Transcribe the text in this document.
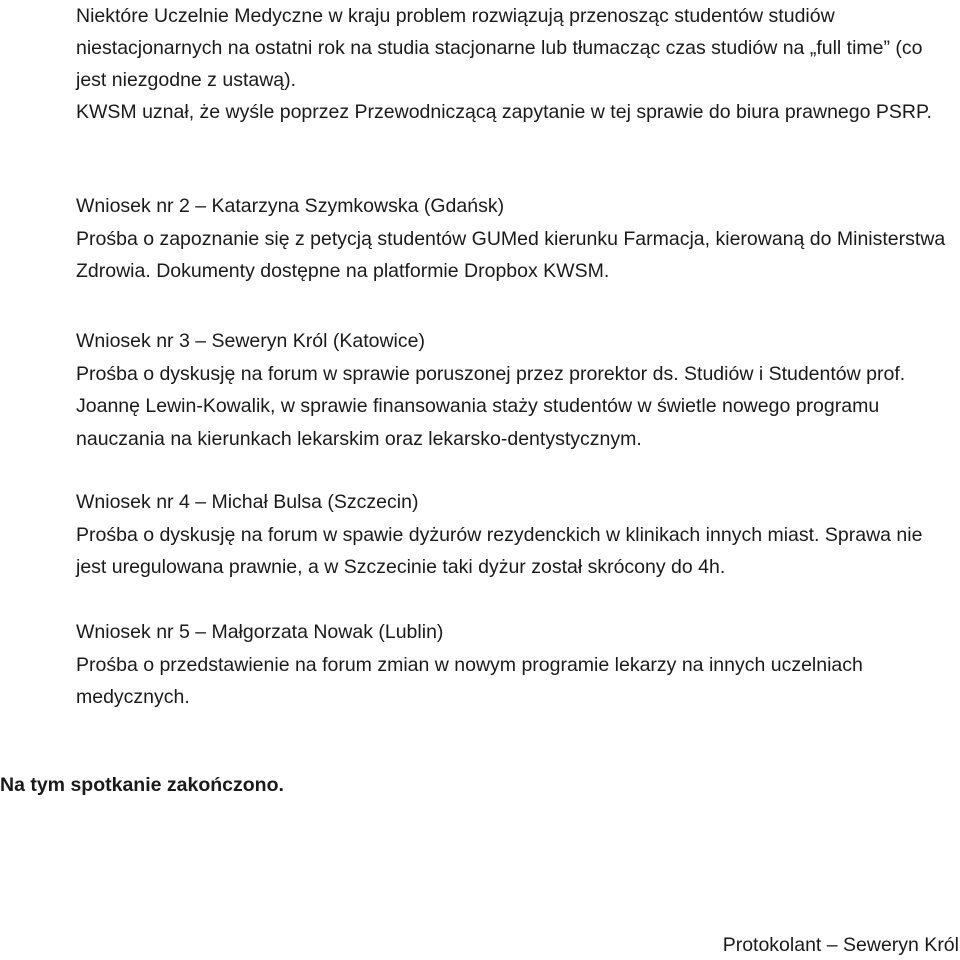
Niektóre Uczelnie Medyczne w kraju problem rozwiązują przenosząc studentów studiów niestacjonarnych na ostatni rok na studia stacjonarne lub tłumacząc czas studiów na „full time” (co jest niezgodne z ustawą).

KWSM uznał, że wyśle poprzez Przewodniczącą zapytanie w tej sprawie do biura prawnego PSRP.

Wniosek nr 2 – Katarzyna Szymkowska (Gdańsk)

Prośba o zapoznanie się z petycją studentów GUMed kierunku Farmacja, kierowaną do Ministerstwa Zdrowia. Dokumenty dostępne na platformie Dropbox KWSM.

Wniosek nr 3 – Seweryn Król (Katowice)

Prośba o dyskusję na forum w sprawie poruszonej przez prorektor ds. Studiów i Studentów prof. Joannę Lewin-Kowalik, w sprawie finansowania staży studentów w świetle nowego programu nauczania na kierunkach lekarskim oraz lekarsko-dentystycznym.

Wniosek nr 4 – Michał Bulsa (Szczecin)

Prośba o dyskusję na forum w spawie dyżurów rezydenckich w klinikach innych miast. Sprawa nie jest uregulowana prawnie, a w Szczecinie taki dyżur został skrócony do 4h.

Wniosek nr 5 – Małgorzata Nowak (Lublin)

Prośba o przedstawienie na forum zmian w nowym programie lekarzy na innych uczelniach medycznych.

Na tym spotkanie zakończono.

Protokolant – Seweryn Król
